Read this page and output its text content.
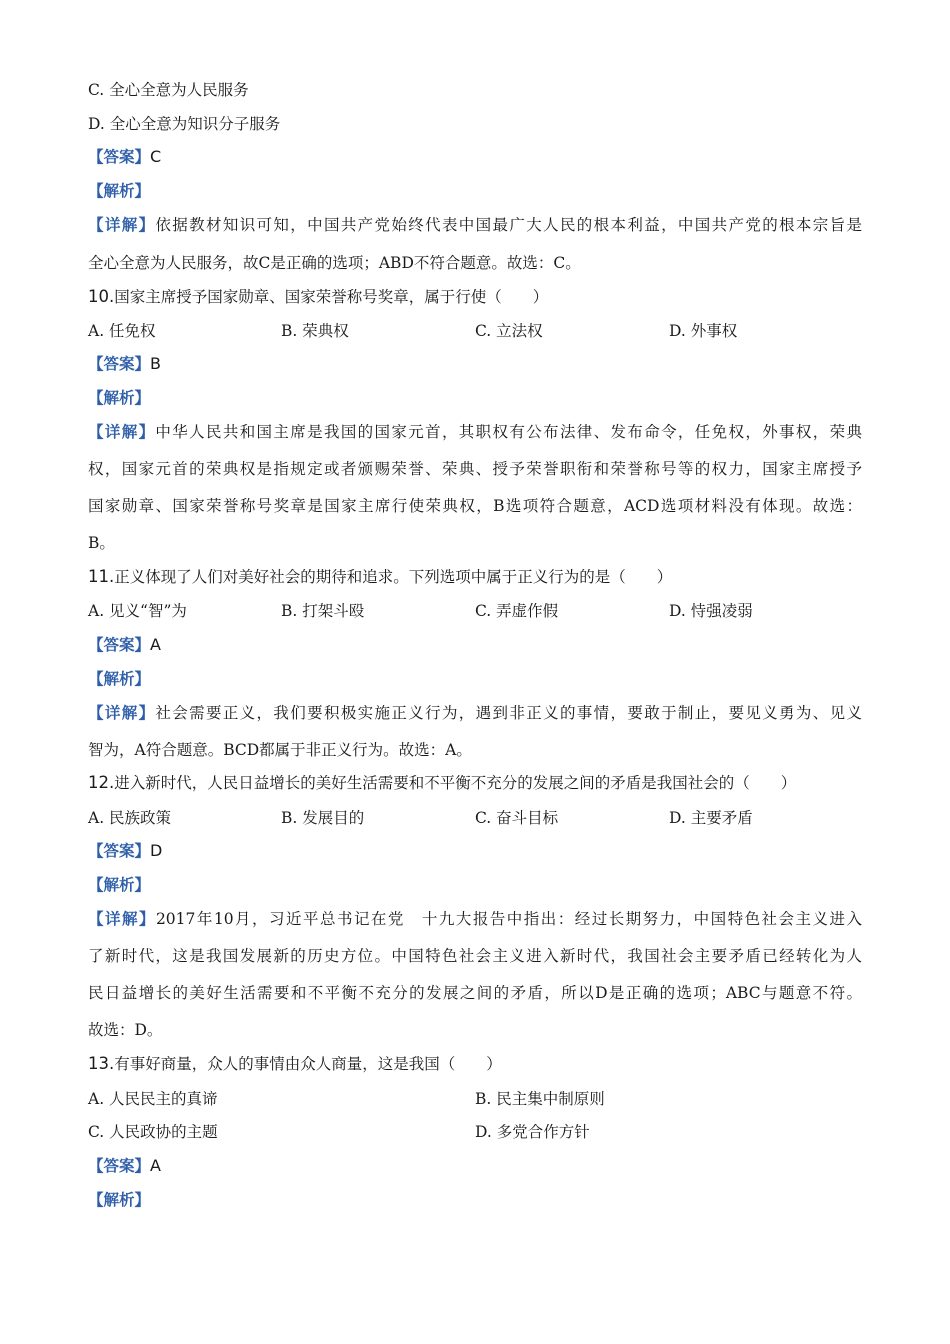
C. 全心全意为人民服务
D. 全心全意为知识分子服务
【答案】C
【解析】
【详解】依据教材知识可知，中国共产党始终代表中国最广大人民的根本利益，中国共产党的根本宗旨是
全心全意为人民服务，故C是正确的选项；ABD不符合题意。故选：C。
10.国家主席授予国家勋章、国家荣誉称号奖章，属于行使（　　）
A. 任免权	B. 荣典权	C. 立法权	D. 外事权
【答案】B
【解析】
【详解】中华人民共和国主席是我国的国家元首，其职权有公布法律、发布命令，任免权，外事权，荣典
权，国家元首的荣典权是指规定或者颁赐荣誉、荣典、授予荣誉职衔和荣誉称号等的权力，国家主席授予
国家勋章、国家荣誉称号奖章是国家主席行使荣典权，B选项符合题意，ACD选项材料没有体现。故选：
B。
11.正义体现了人们对美好社会的期待和追求。下列选项中属于正义行为的是（　　）
A. 见义“智”为	B. 打架斗殴	C. 弄虚作假	D. 恃强凌弱
【答案】A
【解析】
【详解】社会需要正义，我们要积极实施正义行为，遇到非正义的事情，要敢于制止，要见义勇为、见义
智为，A符合题意。BCD都属于非正义行为。故选：A。
12.进入新时代，人民日益增长的美好生活需要和不平衡不充分的发展之间的矛盾是我国社会的（　　）
A. 民族政策	B. 发展目的	C. 奋斗目标	D. 主要矛盾
【答案】D
【解析】
【详解】2017年10月，习近平总书记在党　十九大报告中指出：经过长期努力，中国特色社会主义进入
了新时代，这是我国发展新的历史方位。中国特色社会主义进入新时代，我国社会主要矛盾已经转化为人
民日益增长的美好生活需要和不平衡不充分的发展之间的矛盾，所以D是正确的选项；ABC与题意不符。
故选：D。
13.有事好商量，众人的事情由众人商量，这是我国（　　）
A. 人民民主的真谛	B. 民主集中制原则
C. 人民政协的主题	D. 多党合作方针
【答案】A
【解析】
